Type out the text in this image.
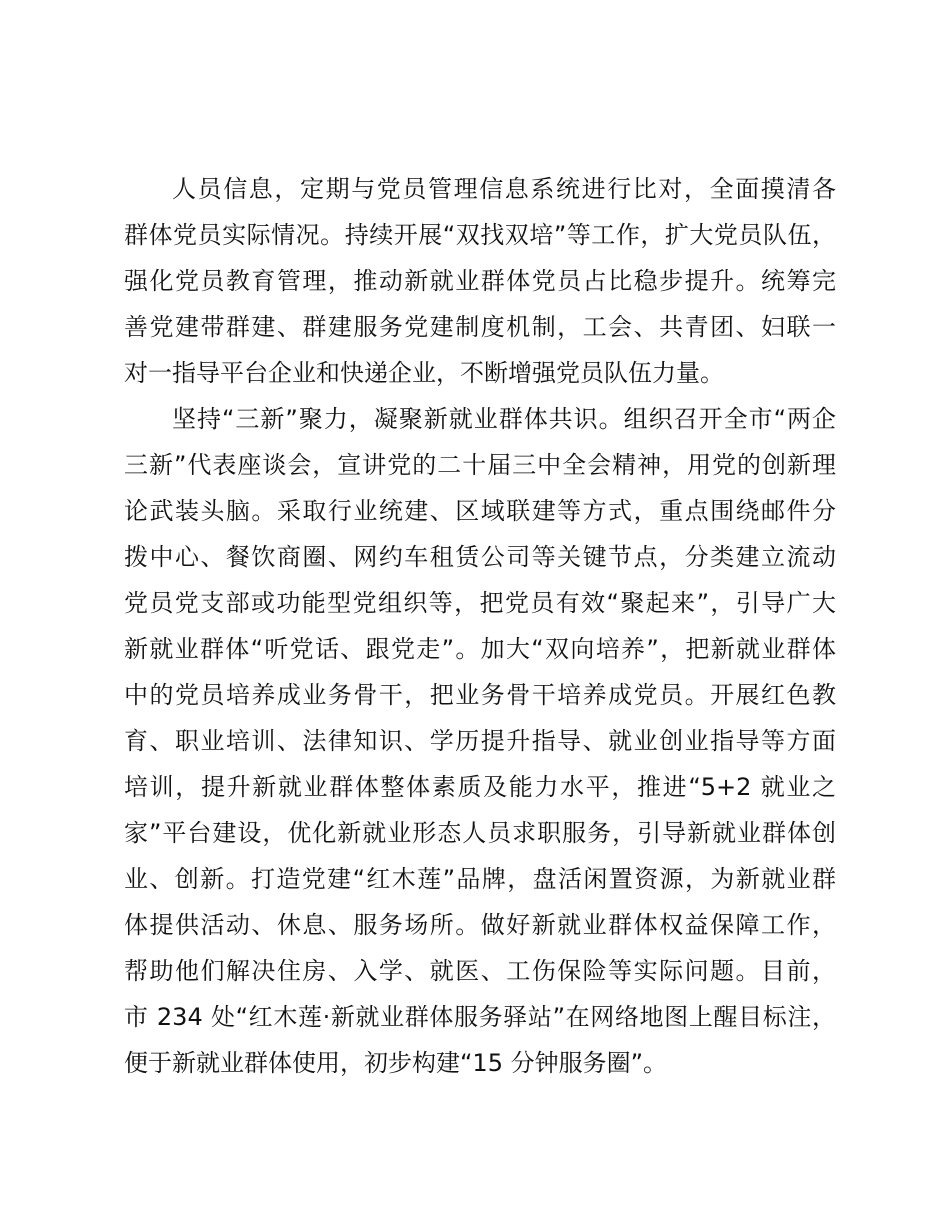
人员信息，定期与党员管理信息系统进行比对，全面摸清各
群体党员实际情况。持续开展“双找双培”等工作，扩大党员队伍，
强化党员教育管理，推动新就业群体党员占比稳步提升。统筹完
善党建带群建、群建服务党建制度机制，工会、共青团、妇联一
对一指导平台企业和快递企业，不断增强党员队伍力量。
坚持“三新”聚力，凝聚新就业群体共识。组织召开全市“两企
三新”代表座谈会，宣讲党的二十届三中全会精神，用党的创新理
论武装头脑。采取行业统建、区域联建等方式，重点围绕邮件分
拨中心、餐饮商圈、网约车租赁公司等关键节点，分类建立流动
党员党支部或功能型党组织等，把党员有效“聚起来”，引导广大
新就业群体“听党话、跟党走”。加大“双向培养”，把新就业群体
中的党员培养成业务骨干，把业务骨干培养成党员。开展红色教
育、职业培训、法律知识、学历提升指导、就业创业指导等方面
培训，提升新就业群体整体素质及能力水平，推进“5+2 就业之
家”平台建设，优化新就业形态人员求职服务，引导新就业群体创
业、创新。打造党建“红木莲”品牌，盘活闲置资源，为新就业群
体提供活动、休息、服务场所。做好新就业群体权益保障工作，
帮助他们解决住房、入学、就医、工伤保险等实际问题。目前，
市 234 处“红木莲·新就业群体服务驿站”在网络地图上醒目标注，
便于新就业群体使用，初步构建“15 分钟服务圈”。
